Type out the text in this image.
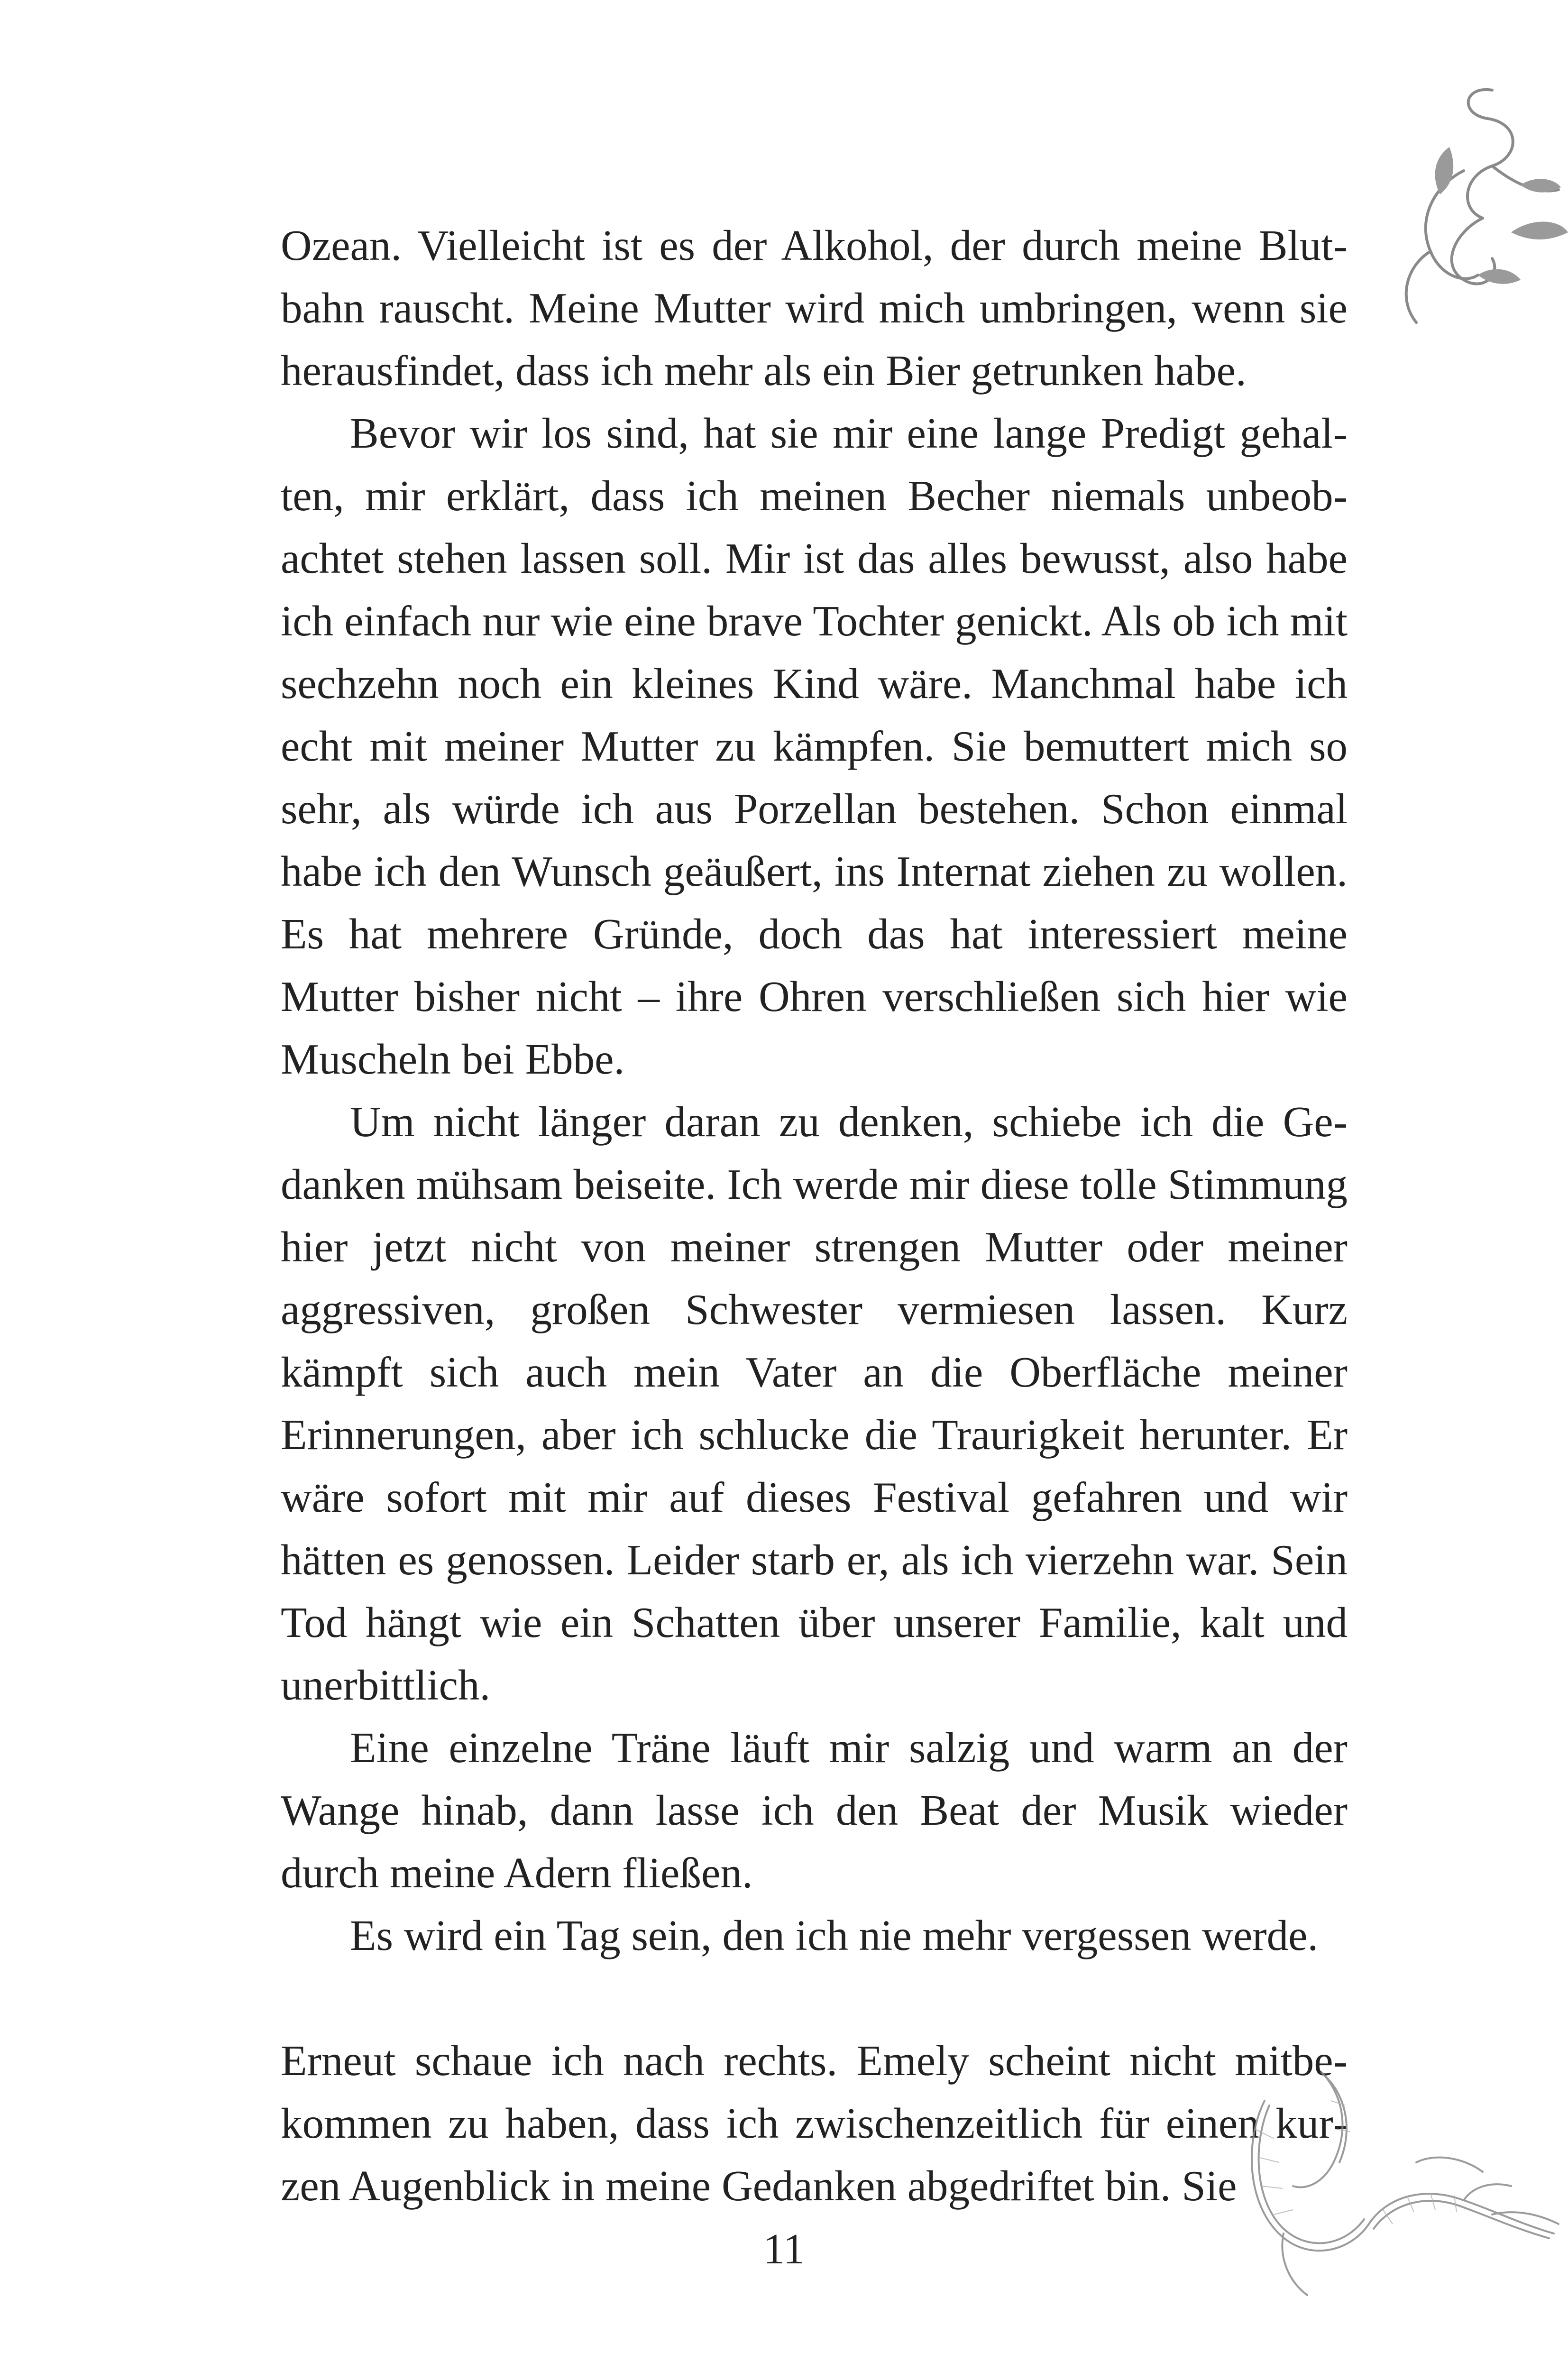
Ozean. Vielleicht ist es der Alkohol, der durch meine Blutbahn rauscht. Meine Mutter wird mich umbringen, wenn sie herausfindet, dass ich mehr als ein Bier getrunken habe.

Bevor wir los sind, hat sie mir eine lange Predigt gehalten, mir erklärt, dass ich meinen Becher niemals unbeobachtet stehen lassen soll. Mir ist das alles bewusst, also habe ich einfach nur wie eine brave Tochter genickt. Als ob ich mit sechzehn noch ein kleines Kind wäre. Manchmal habe ich echt mit meiner Mutter zu kämpfen. Sie bemuttert mich so sehr, als würde ich aus Porzellan bestehen. Schon einmal habe ich den Wunsch geäußert, ins Internat ziehen zu wollen. Es hat mehrere Gründe, doch das hat interessiert meine Mutter bisher nicht – ihre Ohren verschließen sich hier wie Muscheln bei Ebbe.

Um nicht länger daran zu denken, schiebe ich die Gedanken mühsam beiseite. Ich werde mir diese tolle Stimmung hier jetzt nicht von meiner strengen Mutter oder meiner aggressiven, großen Schwester vermiesen lassen. Kurz kämpft sich auch mein Vater an die Oberfläche meiner Erinnerungen, aber ich schlucke die Traurigkeit herunter. Er wäre sofort mit mir auf dieses Festival gefahren und wir hätten es genossen. Leider starb er, als ich vierzehn war. Sein Tod hängt wie ein Schatten über unserer Familie, kalt und unerbittlich.

Eine einzelne Träne läuft mir salzig und warm an der Wange hinab, dann lasse ich den Beat der Musik wieder durch meine Adern fließen.

Es wird ein Tag sein, den ich nie mehr vergessen werde.

Erneut schaue ich nach rechts. Emely scheint nicht mitbekommen zu haben, dass ich zwischenzeitlich für einen kurzen Augenblick in meine Gedanken abgedriftet bin. Sie

11
